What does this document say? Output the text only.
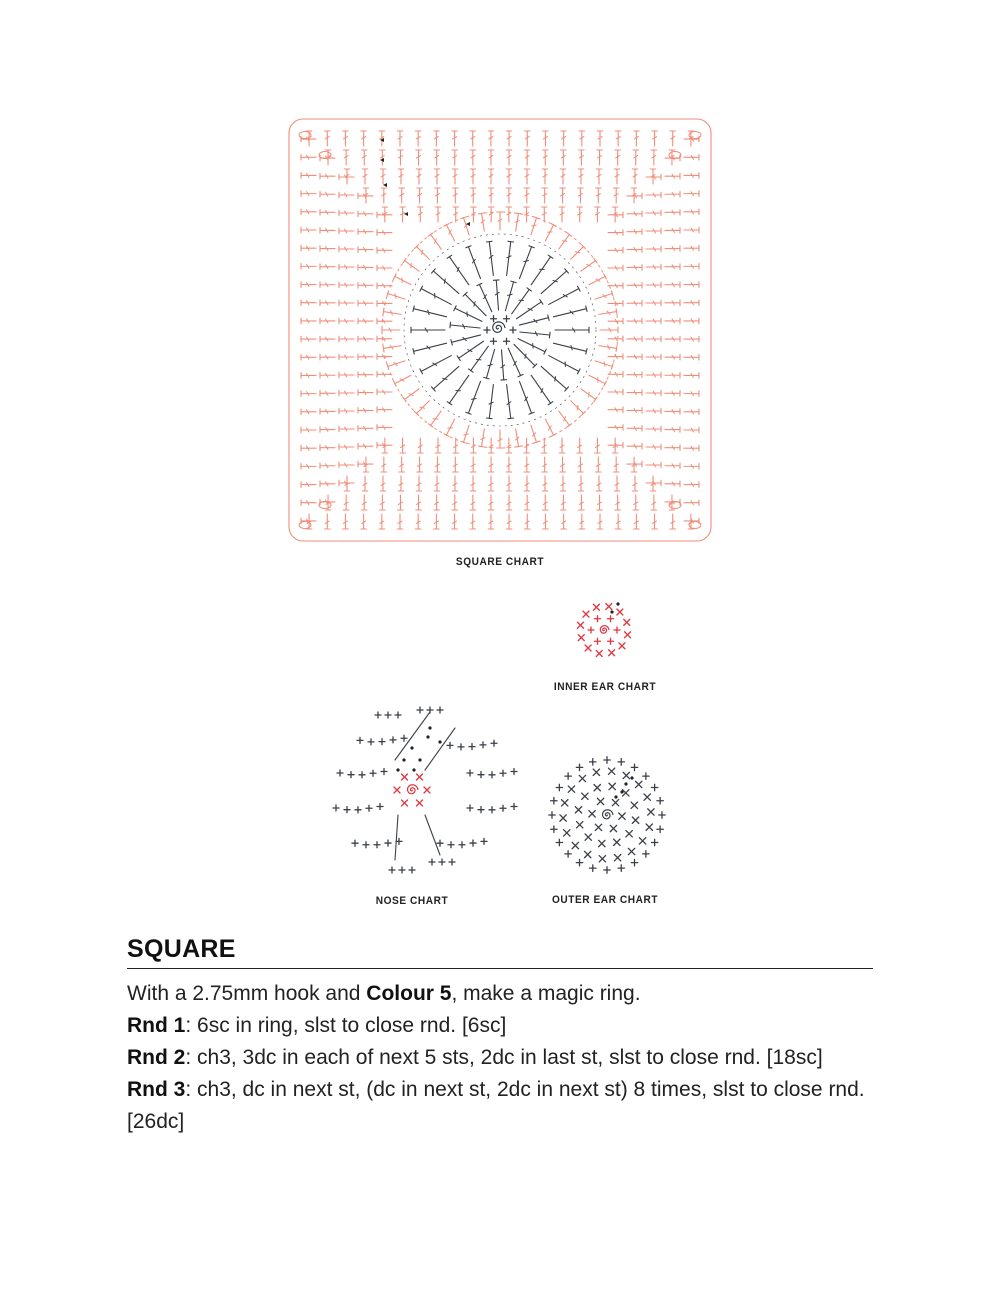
SQUARE CHART
INNER EAR CHART
NOSE CHART	OUTER EAR CHART
SQUARE

With a 2.75mm hook and Colour 5, make a magic ring.

Rnd 1: 6sc in ring, slst to close rnd. [6sc]

Rnd 2: ch3, 3dc in each of next 5 sts, 2dc in last st, slst to close rnd. [18sc]

Rnd 3: ch3, dc in next st, (dc in next st, 2dc in next st) 8 times, slst to close rnd. [26dc]
